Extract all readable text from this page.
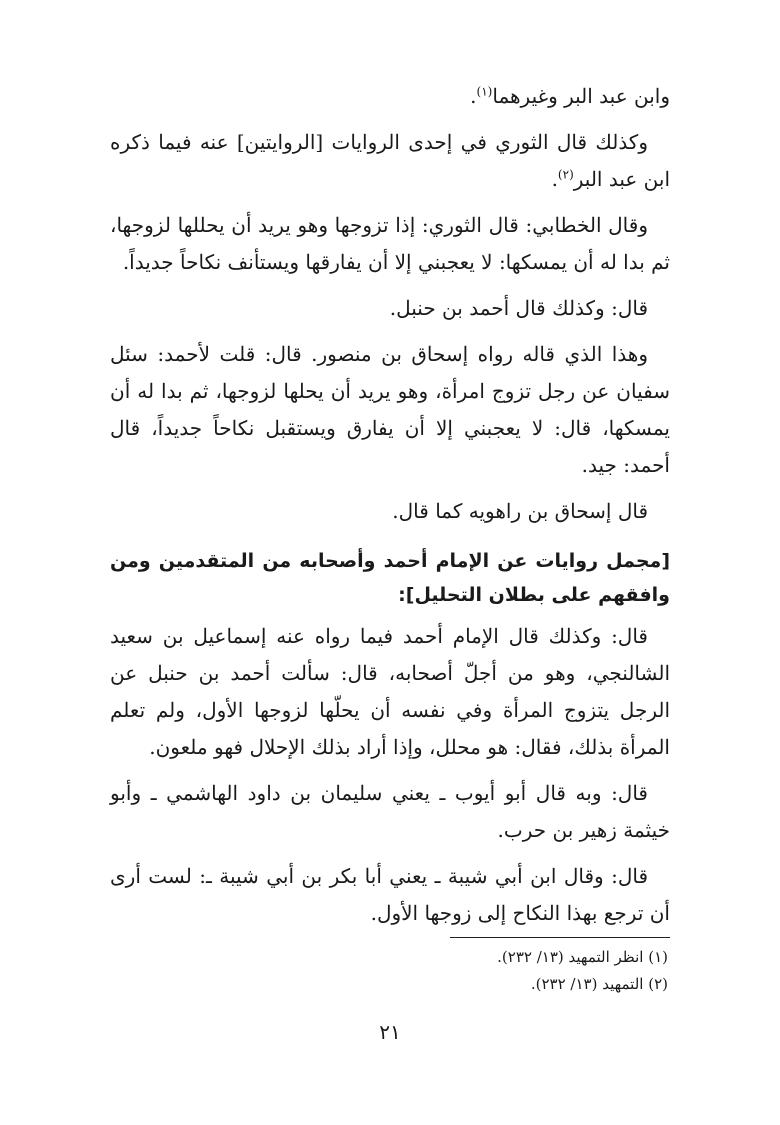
وابن عبد البر وغيرهما$^{(١)}$.

وكذلك قال الثوري في إحدى الروايات [الروايتين] عنه فيما ذكره ابن عبد البر$^{(٢)}$.

وقال الخطابي: قال الثوري: إذا تزوجها وهو يريد أن يحللها لزوجها، ثم بدا له أن يمسكها: لا يعجبني إلا أن يفارقها ويستأنف نكاحاً جديداً.

قال: وكذلك قال أحمد بن حنبل.

وهذا الذي قاله رواه إسحاق بن منصور. قال: قلت لأحمد: سئل سفيان عن رجل تزوج امرأة، وهو يريد أن يحلها لزوجها، ثم بدا له أن يمسكها، قال: لا يعجبني إلا أن يفارق ويستقبل نكاحاً جديداً، قال أحمد: جيد.

قال إسحاق بن راهويه كما قال.

[مجمل روايات عن الإمام أحمد وأصحابه من المتقدمين ومن وافقهم على بطلان التحليل]:

قال: وكذلك قال الإمام أحمد فيما رواه عنه إسماعيل بن سعيد الشالنجي، وهو من أجلّ أصحابه، قال: سألت أحمد بن حنبل عن الرجل يتزوج المرأة وفي نفسه أن يحلّها لزوجها الأول، ولم تعلم المرأة بذلك، فقال: هو محلل، وإذا أراد بذلك الإحلال فهو ملعون.

قال: وبه قال أبو أيوب ـ يعني سليمان بن داود الهاشمي ـ وأبو خيثمة زهير بن حرب.

قال: وقال ابن أبي شيبة ـ يعني أبا بكر بن أبي شيبة ـ: لست أرى أن ترجع بهذا النكاح إلى زوجها الأول.

(١) انظر التمهيد (١٣/ ٢٣٢).

(٢) التمهيد (١٣/ ٢٣٢).

٢١
